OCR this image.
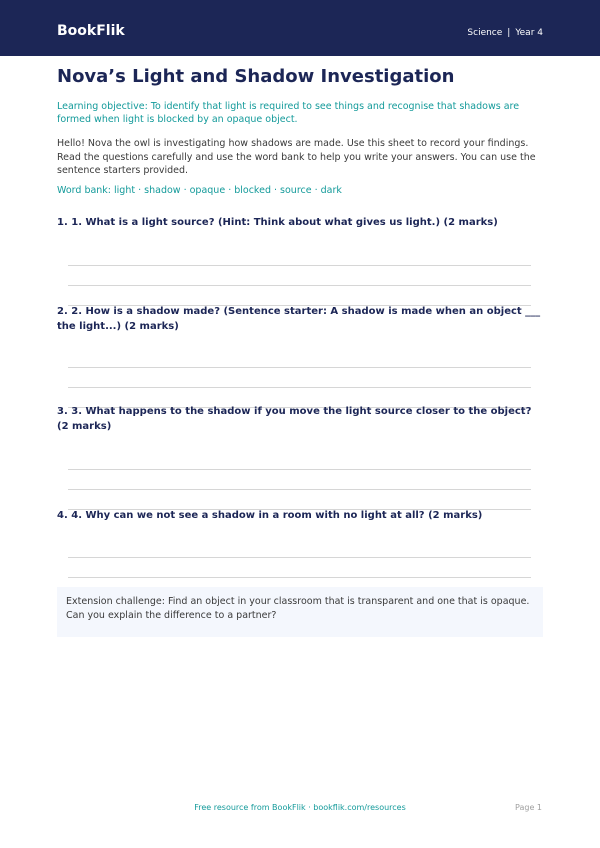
BookFlik	Science | Year 4
Nova’s Light and Shadow Investigation

Learning objective: To identify that light is required to see things and recognise that shadows are formed when light is blocked by an opaque object.

Hello! Nova the owl is investigating how shadows are made. Use this sheet to record your findings. Read the questions carefully and use the word bank to help you write your answers. You can use the sentence starters provided.

Word bank: light · shadow · opaque · blocked · source · dark

1. 1. What is a light source? (Hint: Think about what gives us light.) (2 marks)

2. 2. How is a shadow made? (Sentence starter: A shadow is made when an object ___ the light...) (2 marks)

3. 3. What happens to the shadow if you move the light source closer to the object? (2 marks)

4. 4. Why can we not see a shadow in a room with no light at all? (2 marks)

Extension challenge: Find an object in your classroom that is transparent and one that is opaque. Can you explain the difference to a partner?
Free resource from BookFlik · bookflik.com/resources	Page 1
